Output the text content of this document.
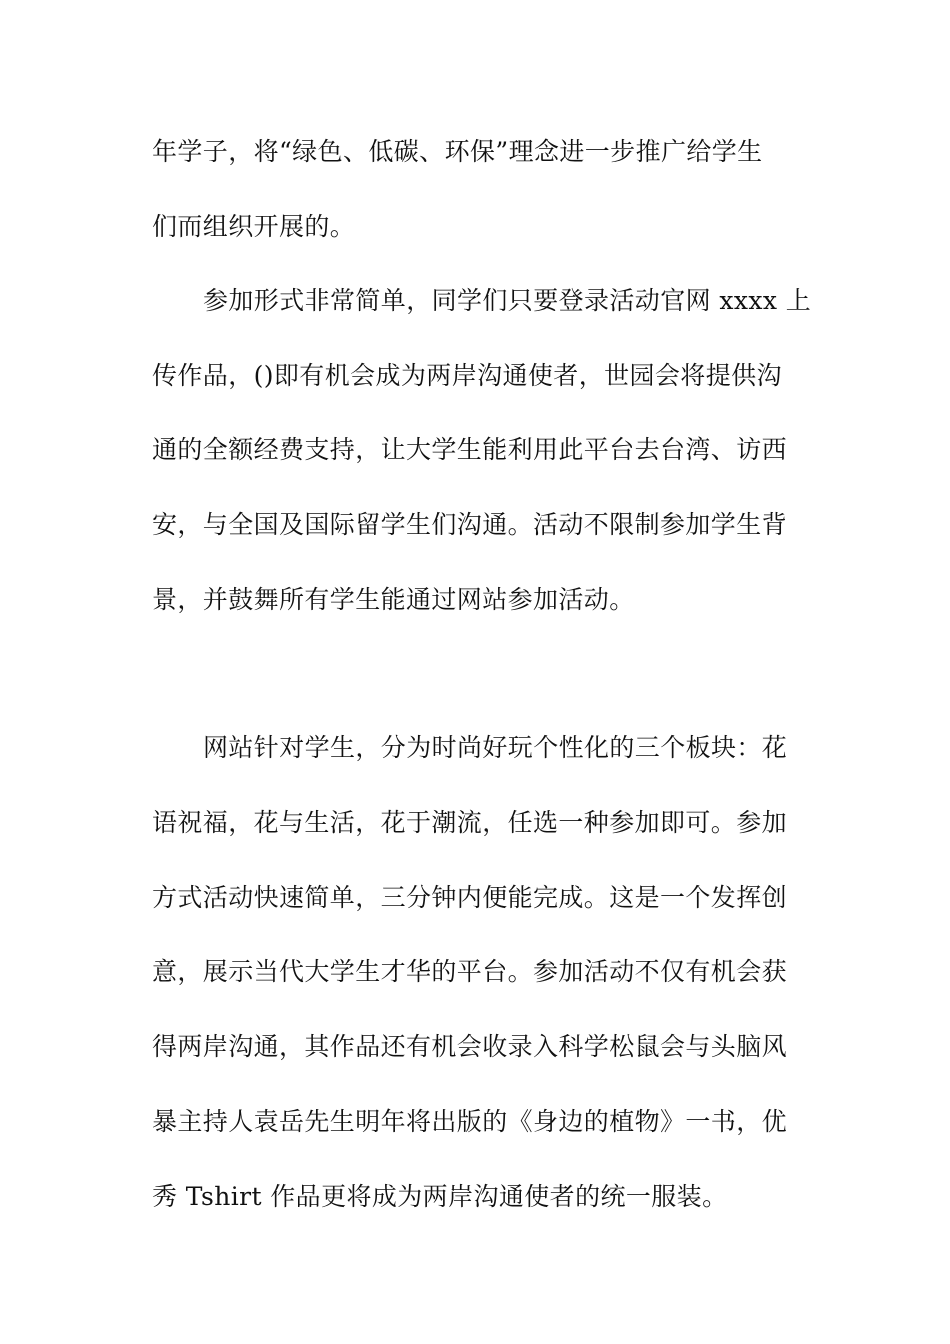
年学子，将“绿色、低碳、环保”理念进一步推广给学生
们而组织开展的。
参加形式非常简单，同学们只要登录活动官网 xxxx 上
传作品，()即有机会成为两岸沟通使者，世园会将提供沟
通的全额经费支持，让大学生能利用此平台去台湾、访西
安，与全国及国际留学生们沟通。活动不限制参加学生背
景，并鼓舞所有学生能通过网站参加活动。
网站针对学生，分为时尚好玩个性化的三个板块：花
语祝福，花与生活，花于潮流，任选一种参加即可。参加
方式活动快速简单，三分钟内便能完成。这是一个发挥创
意，展示当代大学生才华的平台。参加活动不仅有机会获
得两岸沟通，其作品还有机会收录入科学松鼠会与头脑风
暴主持人袁岳先生明年将出版的《身边的植物》一书，优
秀 Tshirt 作品更将成为两岸沟通使者的统一服装。
